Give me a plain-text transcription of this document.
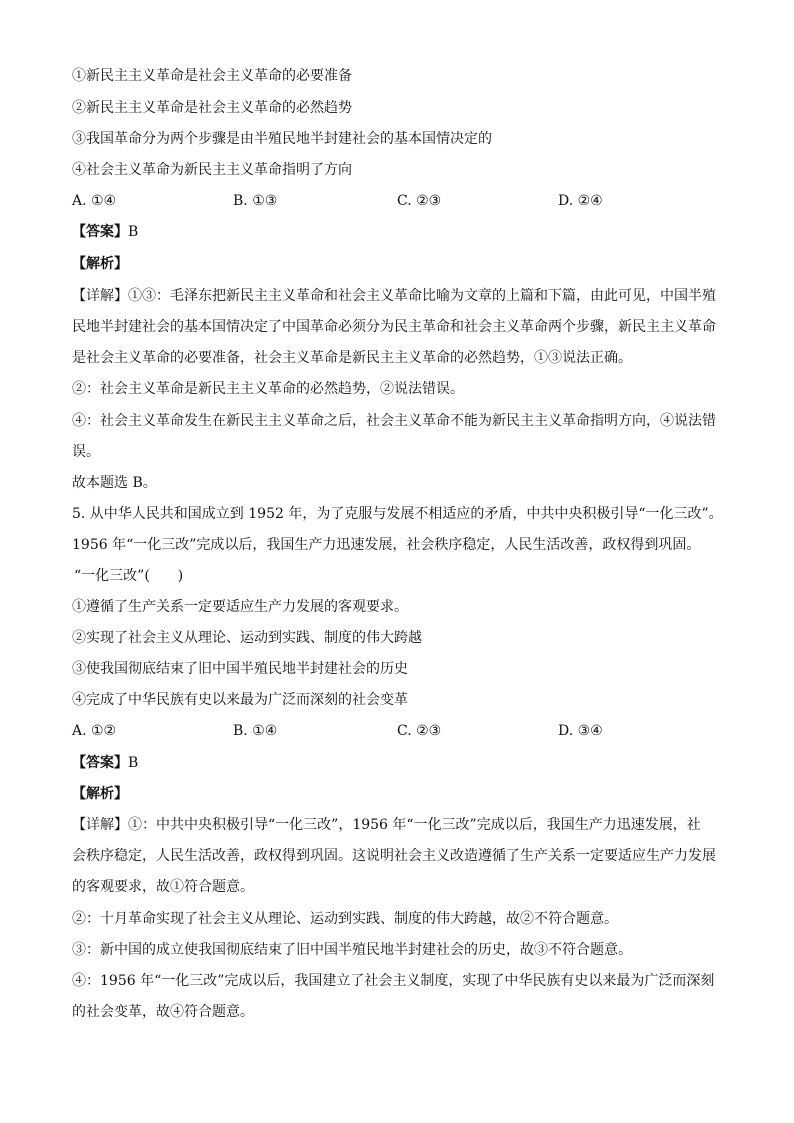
①新民主主义革命是社会主义革命的必要准备
②新民主主义革命是社会主义革命的必然趋势
③我国革命分为两个步骤是由半殖民地半封建社会的基本国情决定的
④社会主义革命为新民主主义革命指明了方向
A. ①④	B. ①③	C. ②③	D. ②④
【答案】B
【解析】
【详解】①③：毛泽东把新民主主义革命和社会主义革命比喻为文章的上篇和下篇，由此可见，中国半殖
民地半封建社会的基本国情决定了中国革命必须分为民主革命和社会主义革命两个步骤，新民主主义革命
是社会主义革命的必要准备，社会主义革命是新民主主义革命的必然趋势，①③说法正确。
②：社会主义革命是新民主主义革命的必然趋势，②说法错误。
④：社会主义革命发生在新民主主义革命之后，社会主义革命不能为新民主主义革命指明方向，④说法错
误。
故本题选 B。
5. 从中华人民共和国成立到 1952 年，为了克服与发展不相适应的矛盾，中共中央积极引导“一化三改”。
1956 年“一化三改”完成以后，我国生产力迅速发展，社会秩序稳定，人民生活改善，政权得到巩固。
“一化三改”(　　)
①遵循了生产关系一定要适应生产力发展的客观要求。
②实现了社会主义从理论、运动到实践、制度的伟大跨越
③使我国彻底结束了旧中国半殖民地半封建社会的历史
④完成了中华民族有史以来最为广泛而深刻的社会变革
A. ①②	B. ①④	C. ②③	D. ③④
【答案】B
【解析】
【详解】①：中共中央积极引导“一化三改”，1956 年“一化三改”完成以后，我国生产力迅速发展，社
会秩序稳定，人民生活改善，政权得到巩固。这说明社会主义改造遵循了生产关系一定要适应生产力发展
的客观要求，故①符合题意。
②：十月革命实现了社会主义从理论、运动到实践、制度的伟大跨越，故②不符合题意。
③：新中国的成立使我国彻底结束了旧中国半殖民地半封建社会的历史，故③不符合题意。
④：1956 年“一化三改”完成以后，我国建立了社会主义制度，实现了中华民族有史以来最为广泛而深刻
的社会变革，故④符合题意。
